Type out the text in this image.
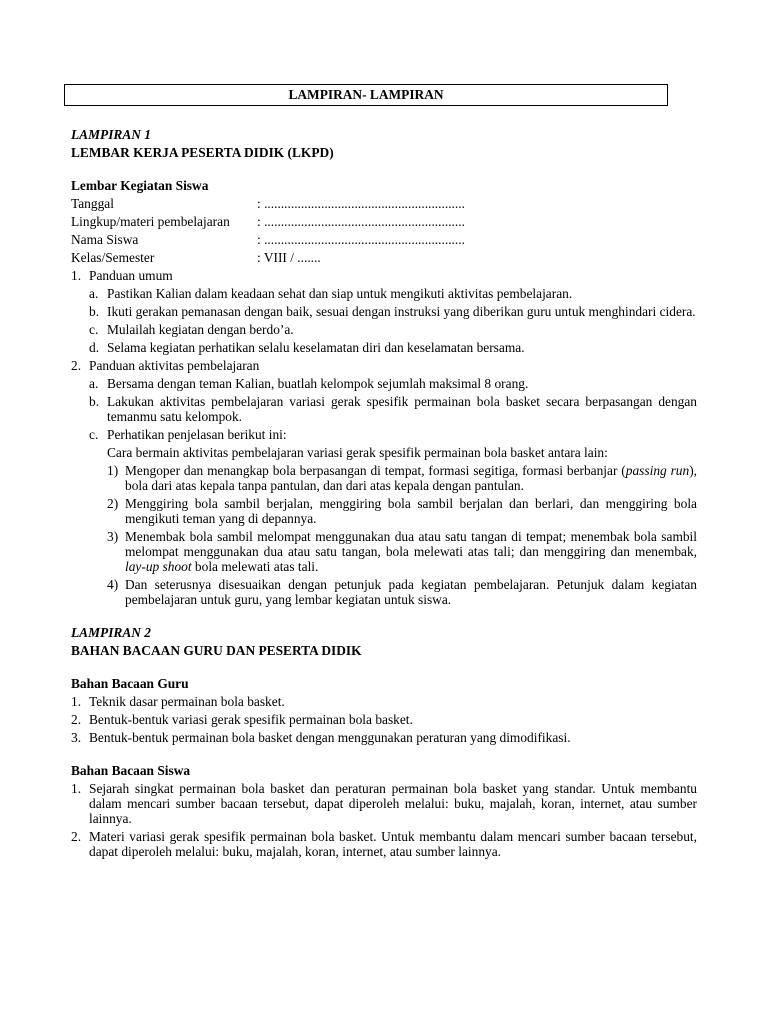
LAMPIRAN- LAMPIRAN

LAMPIRAN 1

LEMBAR KERJA PESERTA DIDIK (LKPD)

Lembar Kegiatan Siswa

Tanggal	: ............................................................
Lingkup/materi pembelajaran	: ............................................................
Nama Siswa	: ............................................................
Kelas/Semester	: VIII / .......
1. Panduan umum
a. Pastikan Kalian dalam keadaan sehat dan siap untuk mengikuti aktivitas pembelajaran.
b. Ikuti gerakan pemanasan dengan baik, sesuai dengan instruksi yang diberikan guru untuk menghindari cidera.
c. Mulailah kegiatan dengan berdo’a.
d. Selama kegiatan perhatikan selalu keselamatan diri dan keselamatan bersama.
2. Panduan aktivitas pembelajaran
a. Bersama dengan teman Kalian, buatlah kelompok sejumlah maksimal 8 orang.
b. Lakukan aktivitas pembelajaran variasi gerak spesifik permainan bola basket secara berpasangan dengan temanmu satu kelompok.
c. Perhatikan penjelasan berikut ini:

Cara bermain aktivitas pembelajaran variasi gerak spesifik permainan bola basket antara lain:

1) Mengoper dan menangkap bola berpasangan di tempat, formasi segitiga, formasi berbanjar (passing run), bola dari atas kepala tanpa pantulan, dan dari atas kepala dengan pantulan.
2) Menggiring bola sambil berjalan, menggiring bola sambil berjalan dan berlari, dan menggiring bola mengikuti teman yang di depannya.
3) Menembak bola sambil melompat menggunakan dua atau satu tangan di tempat; menembak bola sambil melompat menggunakan dua atau satu tangan, bola melewati atas tali; dan menggiring dan menembak, lay-up shoot bola melewati atas tali.
4) Dan seterusnya disesuaikan dengan petunjuk pada kegiatan pembelajaran. Petunjuk dalam kegiatan pembelajaran untuk guru, yang lembar kegiatan untuk siswa.

LAMPIRAN 2

BAHAN BACAAN GURU DAN PESERTA DIDIK

Bahan Bacaan Guru

1. Teknik dasar permainan bola basket.
2. Bentuk-bentuk variasi gerak spesifik permainan bola basket.
3. Bentuk-bentuk permainan bola basket dengan menggunakan peraturan yang dimodifikasi.

Bahan Bacaan Siswa

1. Sejarah singkat permainan bola basket dan peraturan permainan bola basket yang standar. Untuk membantu dalam mencari sumber bacaan tersebut, dapat diperoleh melalui: buku, majalah, koran, internet, atau sumber lainnya.
2. Materi variasi gerak spesifik permainan bola basket. Untuk membantu dalam mencari sumber bacaan tersebut, dapat diperoleh melalui: buku, majalah, koran, internet, atau sumber lainnya.
